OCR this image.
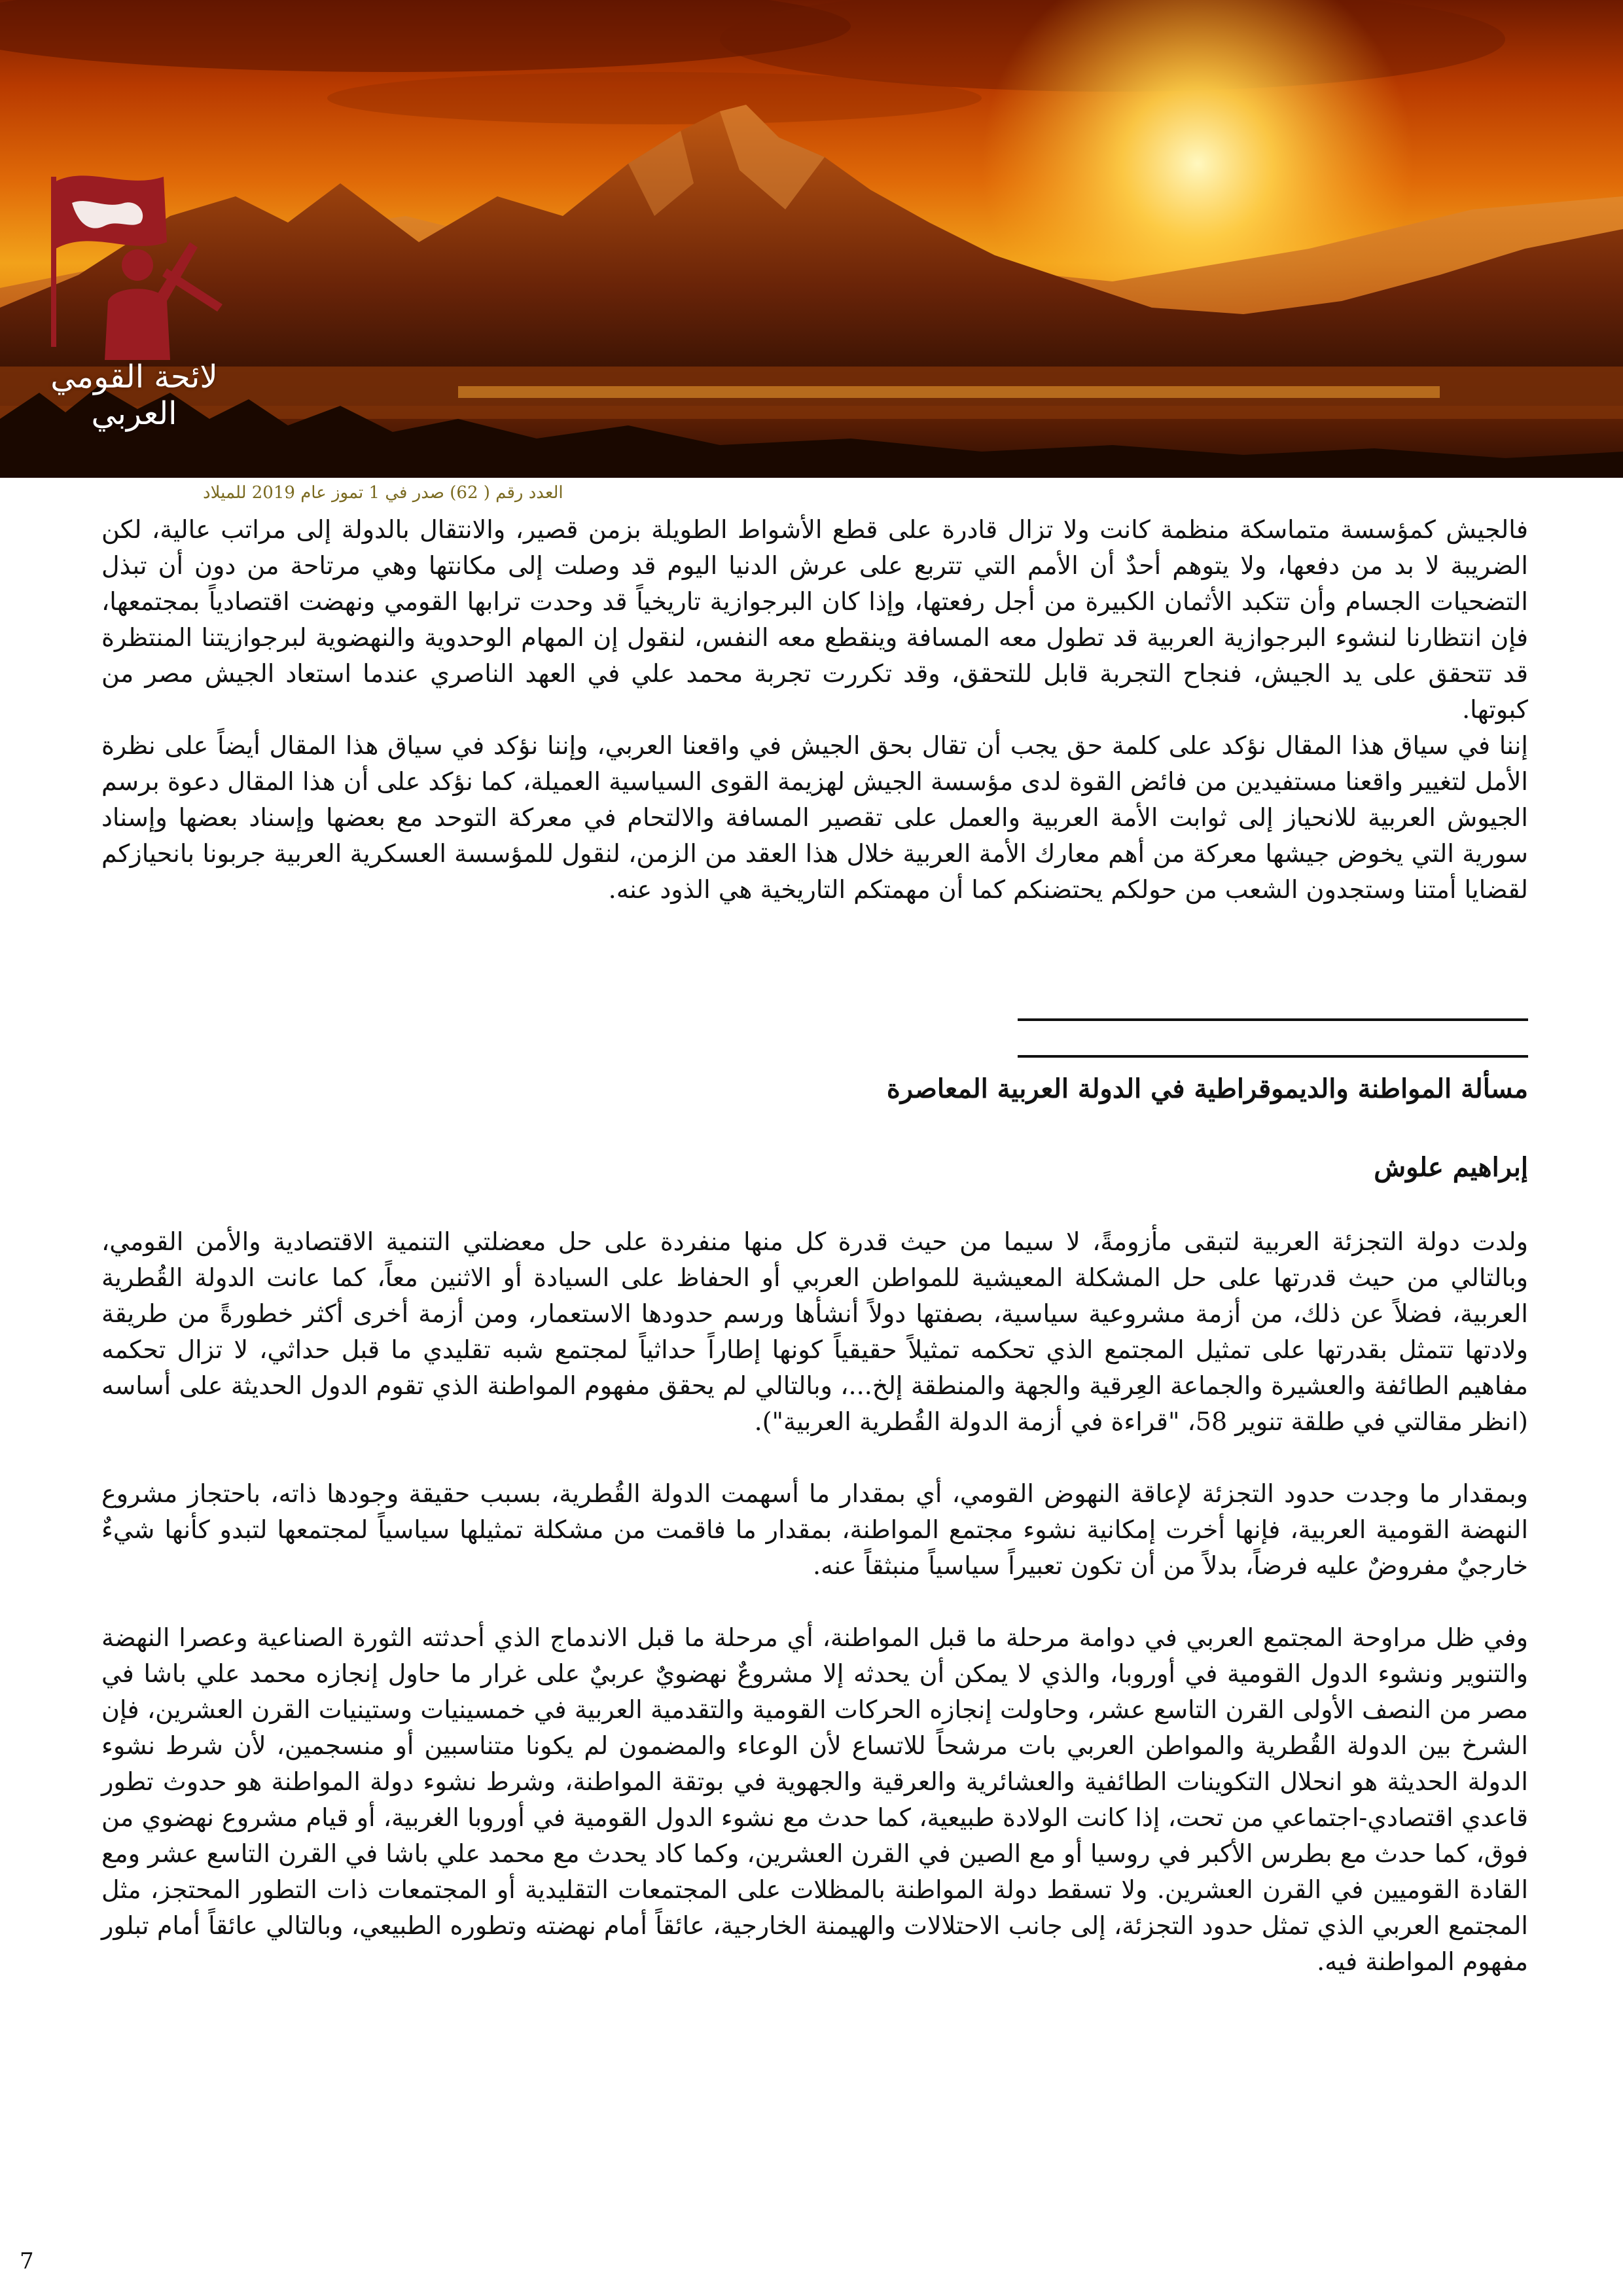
لائحة القومي العربي
العدد رقم ( 62) صدر في 1 تموز عام 2019 للميلاد

فالجيش كمؤسسة متماسكة منظمة كانت ولا تزال قادرة على قطع الأشواط الطويلة بزمن قصير، والانتقال بالدولة إلى مراتب عالية، لكن الضريبة لا بد من دفعها، ولا يتوهم أحدٌ أن الأمم التي تتربع على عرش الدنيا اليوم قد وصلت إلى مكانتها وهي مرتاحة من دون أن تبذل التضحيات الجسام وأن تتكبد الأثمان الكبيرة من أجل رفعتها، وإذا كان البرجوازية تاريخياً قد وحدت ترابها القومي ونهضت اقتصادياً بمجتمعها، فإن انتظارنا لنشوء البرجوازية العربية قد تطول معه المسافة وينقطع معه النفس، لنقول إن المهام الوحدوية والنهضوية لبرجوازيتنا المنتظرة قد تتحقق على يد الجيش، فنجاح التجربة قابل للتحقق، وقد تكررت تجربة محمد علي في العهد الناصري عندما استعاد الجيش مصر من كبوتها.

إننا في سياق هذا المقال نؤكد على كلمة حق يجب أن تقال بحق الجيش في واقعنا العربي، وإننا نؤكد في سياق هذا المقال أيضاً على نظرة الأمل لتغيير واقعنا مستفيدين من فائض القوة لدى مؤسسة الجيش لهزيمة القوى السياسية العميلة، كما نؤكد على أن هذا المقال دعوة برسم الجيوش العربية للانحياز إلى ثوابت الأمة العربية والعمل على تقصير المسافة والالتحام في معركة التوحد مع بعضها وإسناد بعضها وإسناد سورية التي يخوض جيشها معركة من أهم معارك الأمة العربية خلال هذا العقد من الزمن، لنقول للمؤسسة العسكرية العربية جربونا بانحيازكم لقضايا أمتنا وستجدون الشعب من حولكم يحتضنكم كما أن مهمتكم التاريخية هي الذود عنه.

مسألة المواطنة والديموقراطية في الدولة العربية المعاصرة
إبراهيم علوش

ولدت دولة التجزئة العربية لتبقى مأزومةً، لا سيما من حيث قدرة كل منها منفردة على حل معضلتي التنمية الاقتصادية والأمن القومي، وبالتالي من حيث قدرتها على حل المشكلة المعيشية للمواطن العربي أو الحفاظ على السيادة أو الاثنين معاً، كما عانت الدولة القُطرية العربية، فضلاً عن ذلك، من أزمة مشروعية سياسية، بصفتها دولاً أنشأها ورسم حدودها الاستعمار، ومن أزمة أخرى أكثر خطورةً من طريقة ولادتها تتمثل بقدرتها على تمثيل المجتمع الذي تحكمه تمثيلاً حقيقياً كونها إطاراً حداثياً لمجتمع شبه تقليدي ما قبل حداثي، لا تزال تحكمه مفاهيم الطائفة والعشيرة والجماعة العِرقية والجهة والمنطقة إلخ...، وبالتالي لم يحقق مفهوم المواطنة الذي تقوم الدول الحديثة على أساسه (انظر مقالتي في طلقة تنوير 58، "قراءة في أزمة الدولة القُطرية العربية").

وبمقدار ما وجدت حدود التجزئة لإعاقة النهوض القومي، أي بمقدار ما أسهمت الدولة القُطرية، بسبب حقيقة وجودها ذاته، باحتجاز مشروع النهضة القومية العربية، فإنها أخرت إمكانية نشوء مجتمع المواطنة، بمقدار ما فاقمت من مشكلة تمثيلها سياسياً لمجتمعها لتبدو كأنها شيءٌ خارجيٌ مفروضٌ عليه فرضاً، بدلاً من أن تكون تعبيراً سياسياً منبثقاً عنه.

وفي ظل مراوحة المجتمع العربي في دوامة مرحلة ما قبل المواطنة، أي مرحلة ما قبل الاندماج الذي أحدثته الثورة الصناعية وعصرا النهضة والتنوير ونشوء الدول القومية في أوروبا، والذي لا يمكن أن يحدثه إلا مشروعٌ نهضويٌ عربيٌ على غرار ما حاول إنجازه محمد علي باشا في مصر من النصف الأولى القرن التاسع عشر، وحاولت إنجازه الحركات القومية والتقدمية العربية في خمسينيات وستينيات القرن العشرين، فإن الشرخ بين الدولة القُطرية والمواطن العربي بات مرشحاً للاتساع لأن الوعاء والمضمون لم يكونا متناسبين أو منسجمين، لأن شرط نشوء الدولة الحديثة هو انحلال التكوينات الطائفية والعشائرية والعرقية والجهوية في بوتقة المواطنة، وشرط نشوء دولة المواطنة هو حدوث تطور قاعدي اقتصادي-اجتماعي من تحت، إذا كانت الولادة طبيعية، كما حدث مع نشوء الدول القومية في أوروبا الغربية، أو قيام مشروع نهضوي من فوق، كما حدث مع بطرس الأكبر في روسيا أو مع الصين في القرن العشرين، وكما كاد يحدث مع محمد علي باشا في القرن التاسع عشر ومع القادة القوميين في القرن العشرين. ولا تسقط دولة المواطنة بالمظلات على المجتمعات التقليدية أو المجتمعات ذات التطور المحتجز، مثل المجتمع العربي الذي تمثل حدود التجزئة، إلى جانب الاحتلالات والهيمنة الخارجية، عائقاً أمام نهضته وتطوره الطبيعي، وبالتالي عائقاً أمام تبلور مفهوم المواطنة فيه.

7
